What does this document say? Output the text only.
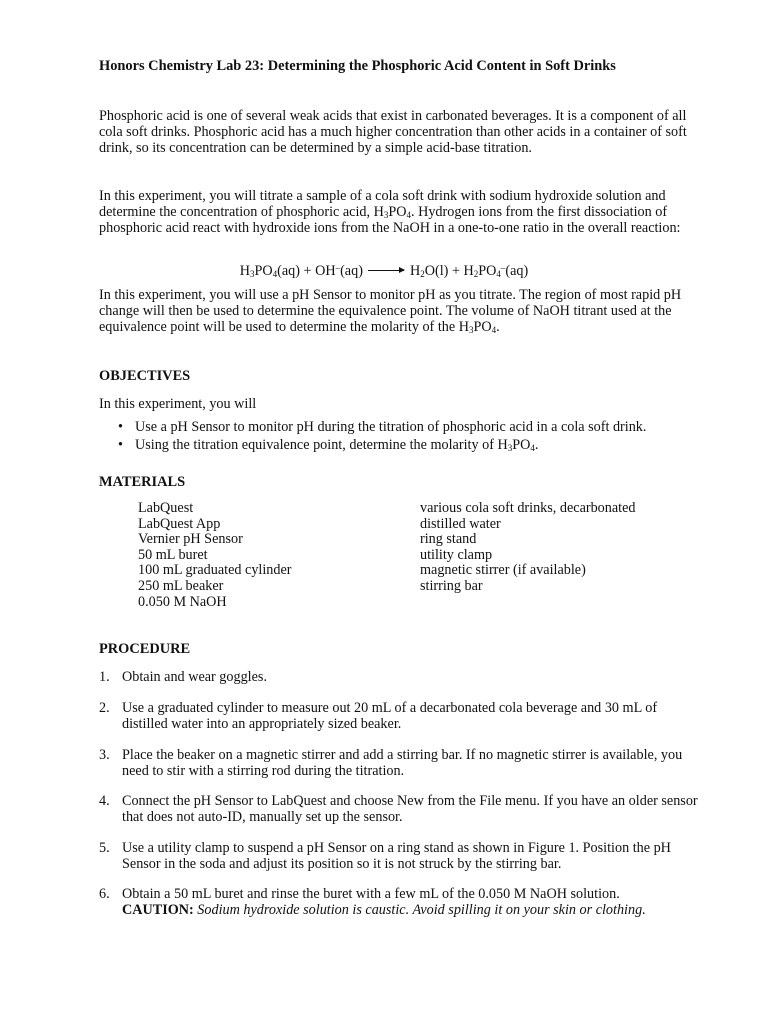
Honors Chemistry Lab 23: Determining the Phosphoric Acid Content in Soft Drinks

Phosphoric acid is one of several weak acids that exist in carbonated beverages. It is a component of all cola soft drinks. Phosphoric acid has a much higher concentration than other acids in a container of soft drink, so its concentration can be determined by a simple acid-base titration.

In this experiment, you will titrate a sample of a cola soft drink with sodium hydroxide solution and determine the concentration of phosphoric acid, $H_3PO_4$. Hydrogen ions from the first dissociation of phosphoric acid react with hydroxide ions from the NaOH in a one-to-one ratio in the overall reaction:

$H_3PO_4(aq) + OH^-(aq) \to H_2O(l) + H_2PO_4^-(aq)$

In this experiment, you will use a pH Sensor to monitor pH as you titrate. The region of most rapid pH change will then be used to determine the equivalence point. The volume of NaOH titrant used at the equivalence point will be used to determine the molarity of the $H_3PO_4$.

OBJECTIVES

In this experiment, you will

• Use a pH Sensor to monitor pH during the titration of phosphoric acid in a cola soft drink.
• Using the titration equivalence point, determine the molarity of $H_3PO_4$.

MATERIALS

LabQuest
LabQuest App
Vernier pH Sensor
50 mL buret
100 mL graduated cylinder
250 mL beaker
0.050 M NaOH
various cola soft drinks, decarbonated
distilled water
ring stand
utility clamp
magnetic stirrer (if available)
stirring bar

PROCEDURE

1. Obtain and wear goggles.
2. Use a graduated cylinder to measure out 20 mL of a decarbonated cola beverage and 30 mL of distilled water into an appropriately sized beaker.
3. Place the beaker on a magnetic stirrer and add a stirring bar. If no magnetic stirrer is available, you need to stir with a stirring rod during the titration.
4. Connect the pH Sensor to LabQuest and choose New from the File menu. If you have an older sensor that does not auto-ID, manually set up the sensor.
5. Use a utility clamp to suspend a pH Sensor on a ring stand as shown in Figure 1. Position the pH Sensor in the soda and adjust its position so it is not struck by the stirring bar.
6. Obtain a 50 mL buret and rinse the buret with a few mL of the 0.050 M NaOH solution.
CAUTION: Sodium hydroxide solution is caustic. Avoid spilling it on your skin or clothing.
